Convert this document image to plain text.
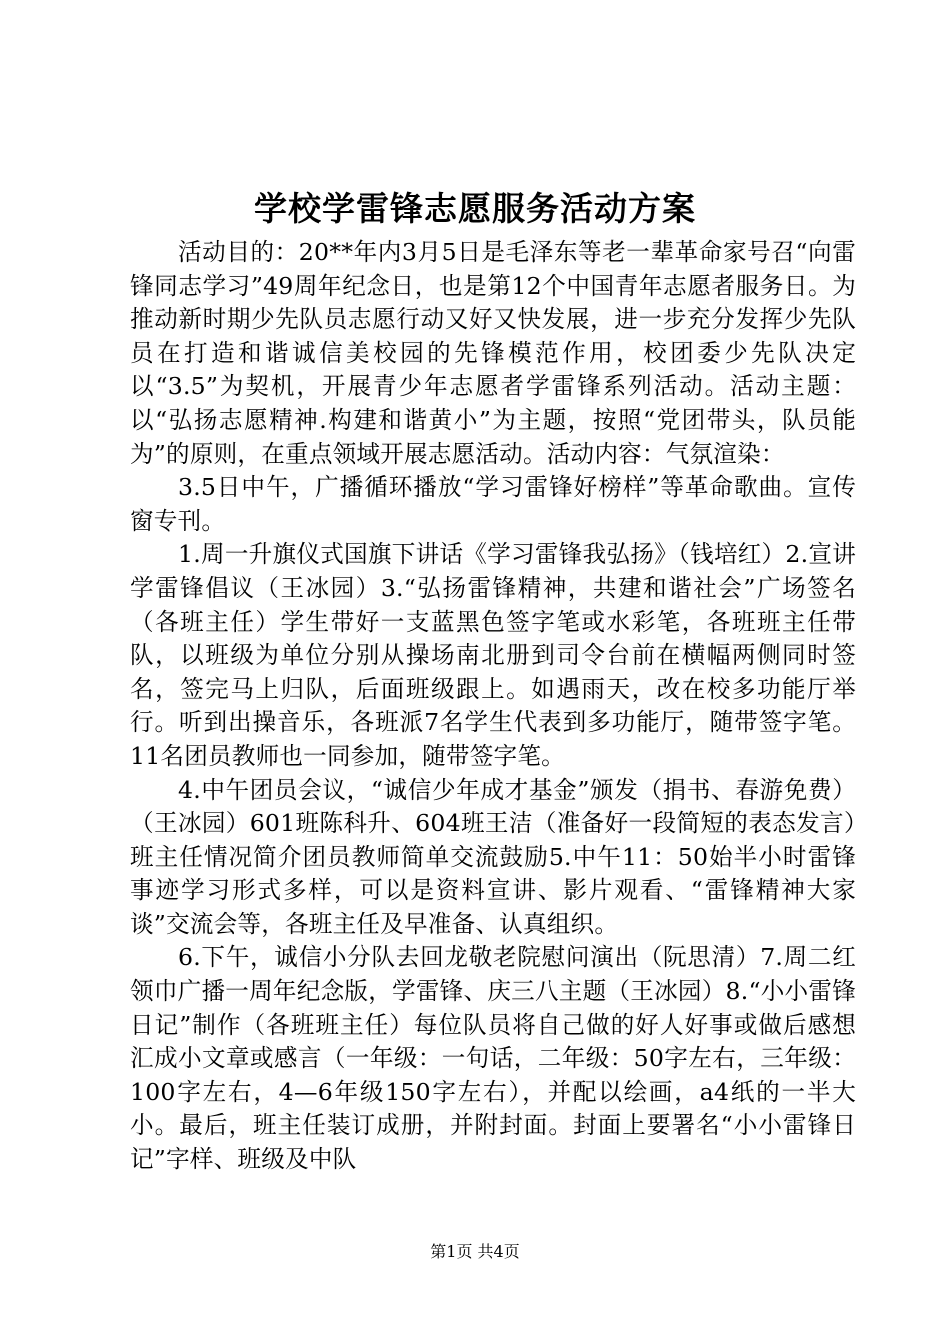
学校学雷锋志愿服务活动方案

活动目的：20**年内3月5日是毛泽东等老一辈革命家号召“向雷锋同志学习”49周年纪念日，也是第12个中国青年志愿者服务日。为推动新时期少先队员志愿行动又好又快发展，进一步充分发挥少先队员在打造和谐诚信美校园的先锋模范作用，校团委少先队决定以“3.5”为契机，开展青少年志愿者学雷锋系列活动。活动主题：以“弘扬志愿精神.构建和谐黄小”为主题，按照“党团带头，队员能为”的原则，在重点领域开展志愿活动。活动内容：气氛渲染：

3.5日中午，广播循环播放“学习雷锋好榜样”等革命歌曲。宣传窗专刊。

1.周一升旗仪式国旗下讲话《学习雷锋我弘扬》（钱培红）2.宣讲学雷锋倡议（王冰园）3.“弘扬雷锋精神，共建和谐社会”广场签名（各班主任）学生带好一支蓝黑色签字笔或水彩笔，各班班主任带队，以班级为单位分别从操场南北册到司令台前在横幅两侧同时签名，签完马上归队，后面班级跟上。如遇雨天，改在校多功能厅举行。听到出操音乐，各班派7名学生代表到多功能厅，随带签字笔。11名团员教师也一同参加，随带签字笔。

4.中午团员会议，“诚信少年成才基金”颁发（捐书、春游免费）（王冰园）601班陈科升、604班王洁（准备好一段简短的表态发言）班主任情况简介团员教师简单交流鼓励5.中午11：50始半小时雷锋事迹学习形式多样，可以是资料宣讲、影片观看、“雷锋精神大家谈”交流会等，各班主任及早准备、认真组织。

6.下午，诚信小分队去回龙敬老院慰问演出（阮思清）7.周二红领巾广播一周年纪念版，学雷锋、庆三八主题（王冰园）8.“小小雷锋日记”制作（各班班主任）每位队员将自己做的好人好事或做后感想汇成小文章或感言（一年级：一句话，二年级：50字左右，三年级：100字左右，4—6年级150字左右），并配以绘画，a4纸的一半大小。最后，班主任装订成册，并附封面。封面上要署名“小小雷锋日记”字样、班级及中队

第1页 共4页
